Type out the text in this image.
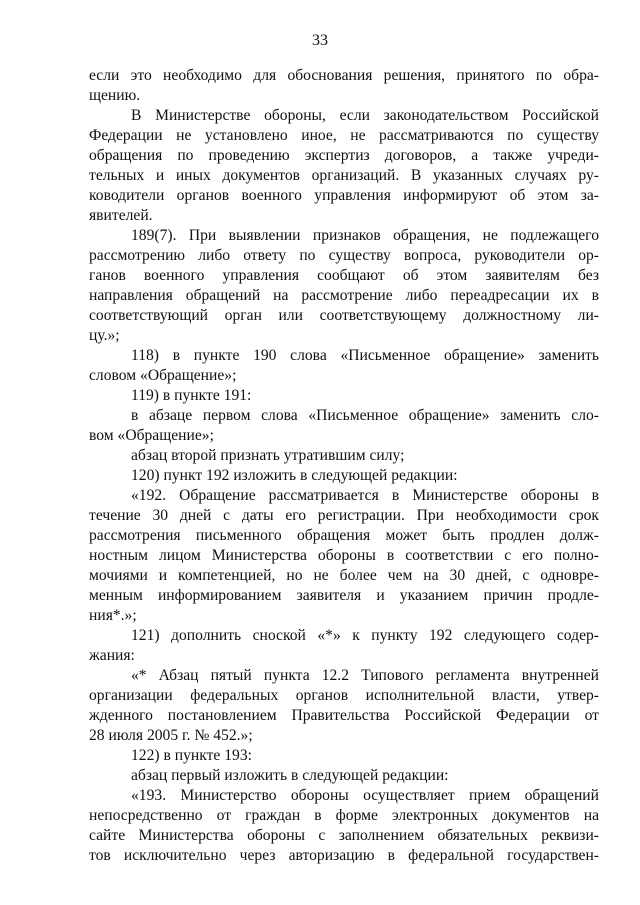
33
если это необходимо для обоснования решения, принятого по обра-
щению.
В Министерстве обороны, если законодательством Российской
Федерации не установлено иное, не рассматриваются по существу
обращения по проведению экспертиз договоров, а также учреди-
тельных и иных документов организаций. В указанных случаях ру-
ководители органов военного управления информируют об этом за-
явителей.
189(7). При выявлении признаков обращения, не подлежащего
рассмотрению либо ответу по существу вопроса, руководители ор-
ганов военного управления сообщают об этом заявителям без
направления обращений на рассмотрение либо переадресации их в
соответствующий орган или соответствующему должностному ли-
цу.»;
118) в пункте 190 слова «Письменное обращение» заменить
словом «Обращение»;
119) в пункте 191:
в абзаце первом слова «Письменное обращение» заменить сло-
вом «Обращение»;
абзац второй признать утратившим силу;
120) пункт 192 изложить в следующей редакции:
«192. Обращение рассматривается в Министерстве обороны в
течение 30 дней с даты его регистрации. При необходимости срок
рассмотрения письменного обращения может быть продлен долж-
ностным лицом Министерства обороны в соответствии с его полно-
мочиями и компетенцией, но не более чем на 30 дней, с одновре-
менным информированием заявителя и указанием причин продле-
ния*.»;
121) дополнить сноской «*» к пункту 192 следующего содер-
жания:
«* Абзац пятый пункта 12.2 Типового регламента внутренней
организации федеральных органов исполнительной власти, утвер-
жденного постановлением Правительства Российской Федерации от
28 июля 2005 г. № 452.»;
122) в пункте 193:
абзац первый изложить в следующей редакции:
«193. Министерство обороны осуществляет прием обращений
непосредственно от граждан в форме электронных документов на
сайте Министерства обороны с заполнением обязательных реквизи-
тов исключительно через авторизацию в федеральной государствен-
